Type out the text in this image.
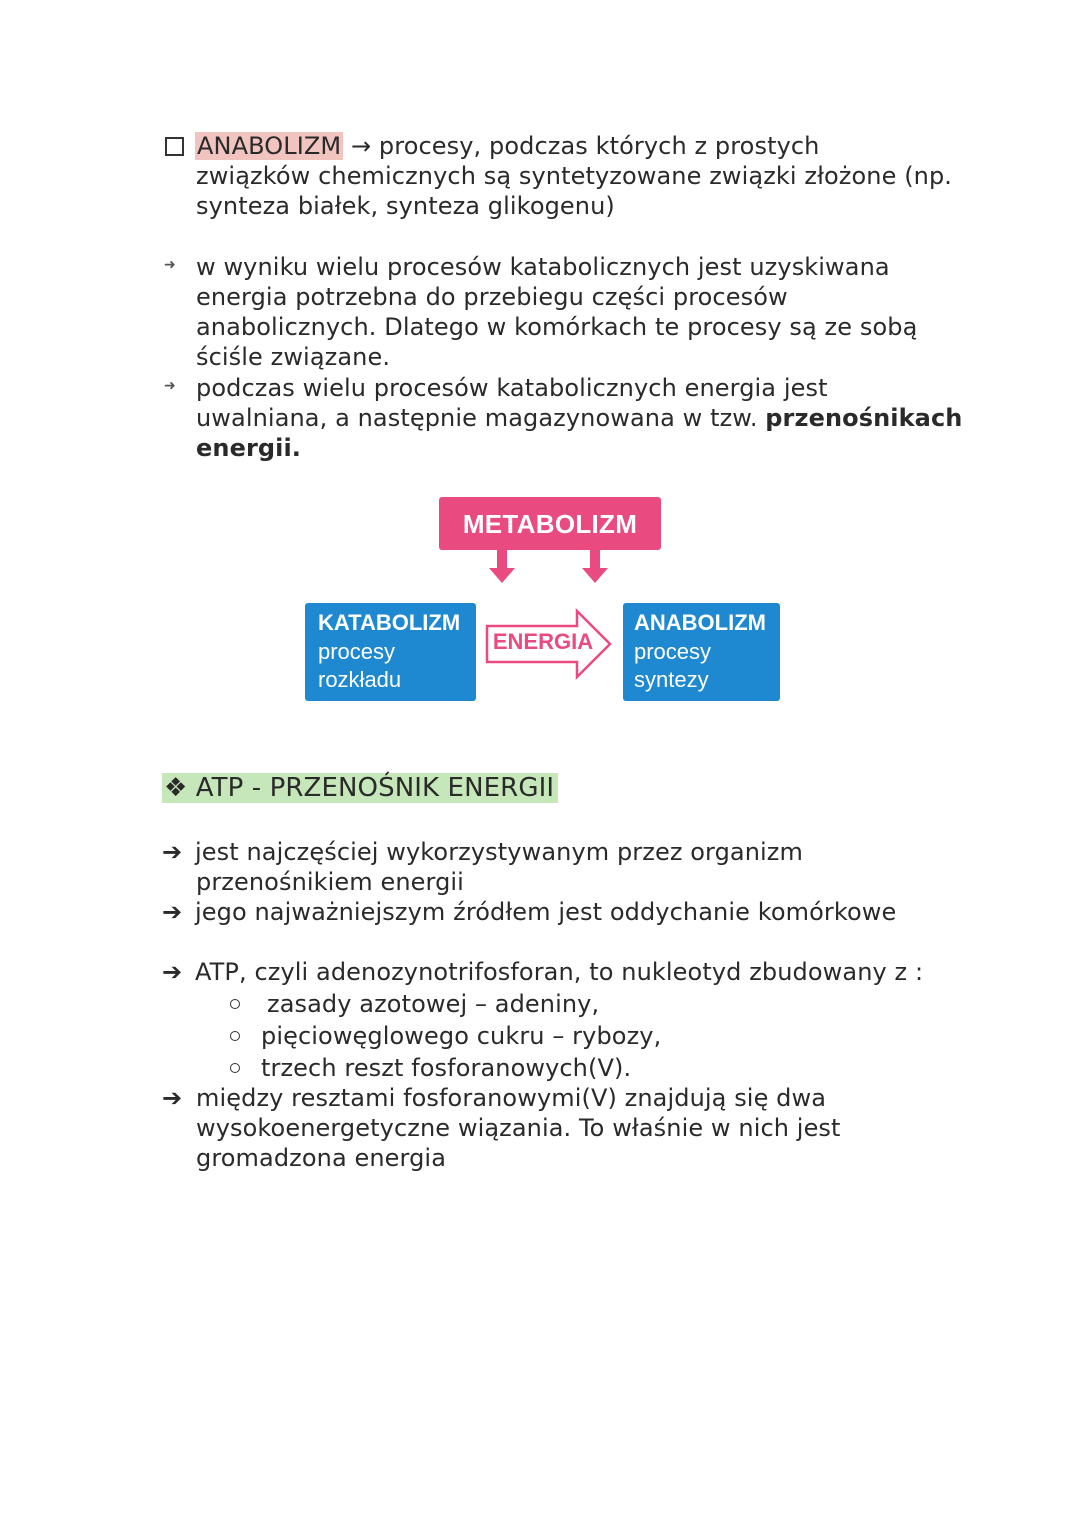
ANABOLIZM → procesy, podczas których z prostych
związków chemicznych są syntetyzowane związki złożone (np.
synteza białek, synteza glikogenu)
➜ w wyniku wielu procesów katabolicznych jest uzyskiwana
energia potrzebna do przebiegu części procesów
anabolicznych. Dlatego w komórkach te procesy są ze sobą
ściśle związane.
➜ podczas wielu procesów katabolicznych energia jest
uwalniana, a następnie magazynowana w tzw. przenośnikach
energii.
METABOLIZM
KATABOLIZM
procesy
rozkładu
ENERGIA
ANABOLIZM
procesy
syntezy
❖ ATP - PRZENOŚNIK ENERGII
➔ jest najczęściej wykorzystywanym przez organizm
przenośnikiem energii
➔ jego najważniejszym źródłem jest oddychanie komórkowe
➔ ATP, czyli adenozynotrifosforan, to nukleotyd zbudowany z :
zasady azotowej – adeniny,
pięciowęglowego cukru – rybozy,
trzech reszt fosforanowych(V).
➔ między resztami fosforanowymi(V) znajdują się dwa
wysokoenergetyczne wiązania. To właśnie w nich jest
gromadzona energia
